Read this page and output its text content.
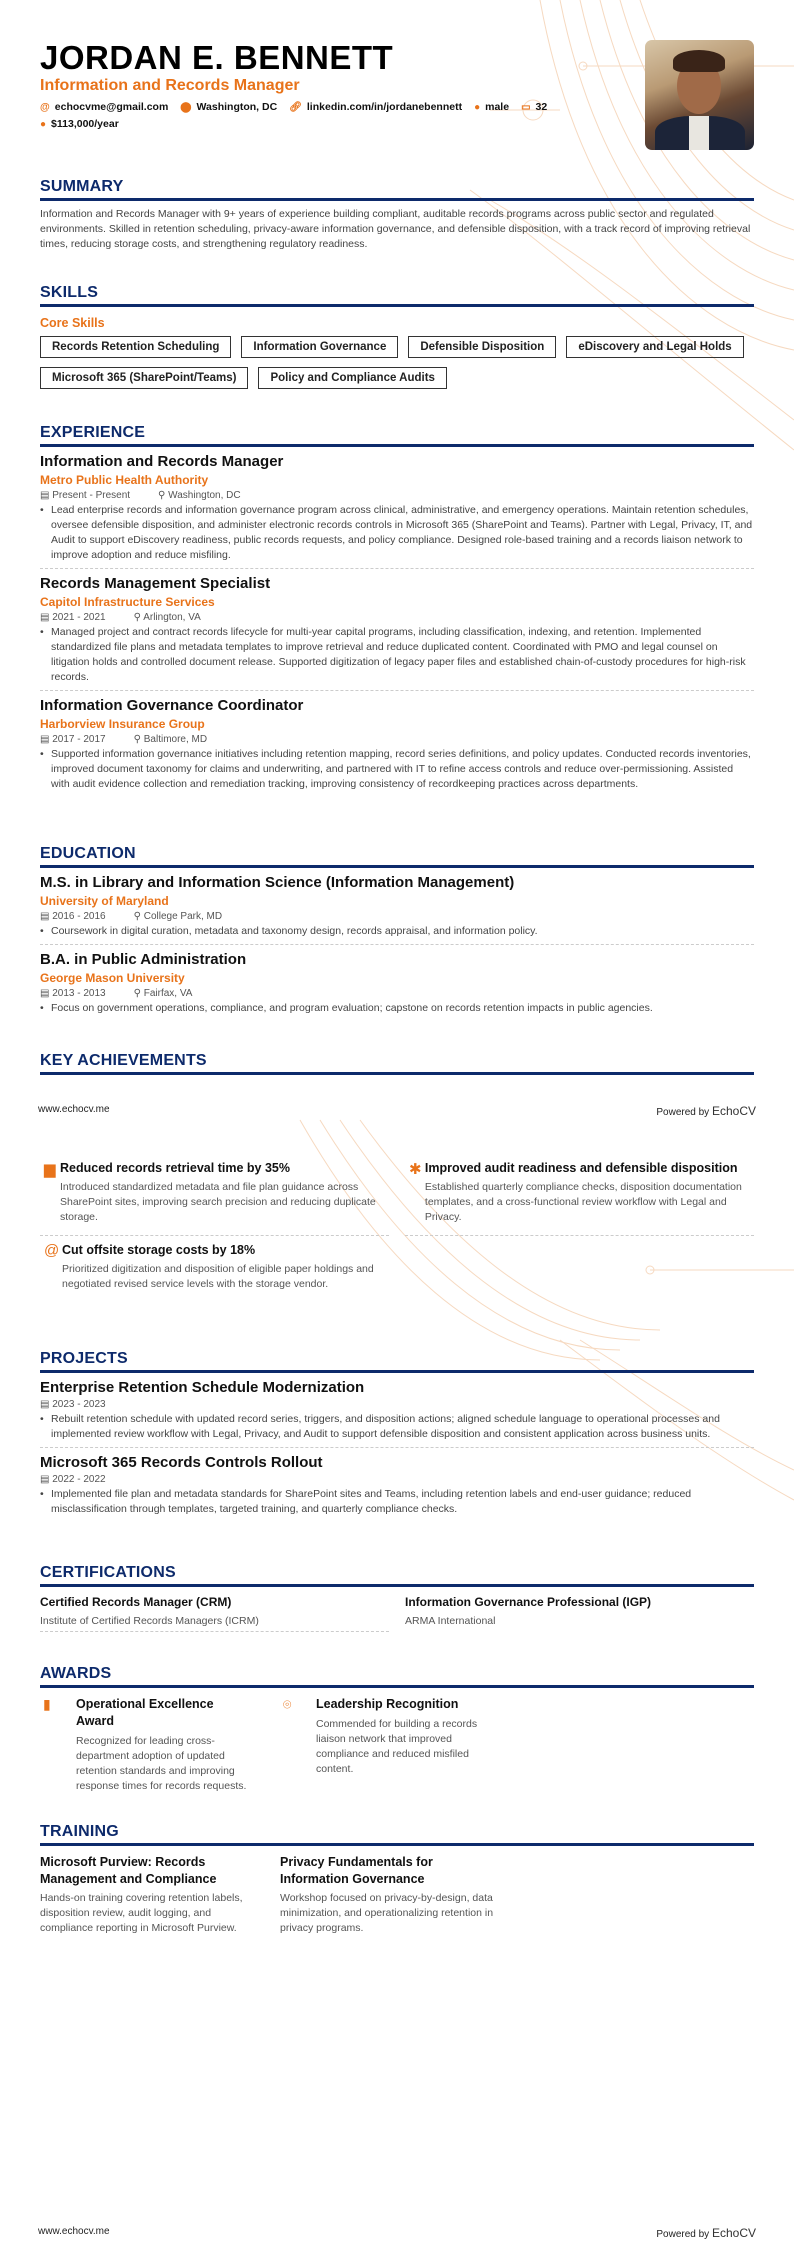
JORDAN E. BENNETT
Information and Records Manager
@ echocvme@gmail.com ⬤ Washington, DC 🔗︎ linkedin.com/in/jordanebennett ● male ▭ 32
● $113,000/year
SUMMARY
Information and Records Manager with 9+ years of experience building compliant, auditable records programs across public sector and regulated environments. Skilled in retention scheduling, privacy-aware information governance, and defensible disposition, with a track record of improving retrieval times, reducing storage costs, and strengthening regulatory readiness.
SKILLS
Core Skills
Records Retention Scheduling	Information Governance	Defensible Disposition	eDiscovery and Legal Holds
Microsoft 365 (SharePoint/Teams)	Policy and Compliance Audits
EXPERIENCE
Information and Records Manager
Metro Public Health Authority
▤ Present - Present	⚲ Washington, DC
• Lead enterprise records and information governance program across clinical, administrative, and emergency operations. Maintain retention schedules, oversee defensible disposition, and administer electronic records controls in Microsoft 365 (SharePoint and Teams). Partner with Legal, Privacy, IT, and Audit to support eDiscovery readiness, public records requests, and policy compliance. Designed role-based training and a records liaison network to improve adoption and reduce misfiling.
Records Management Specialist
Capitol Infrastructure Services
▤ 2021 - 2021	⚲ Arlington, VA
• Managed project and contract records lifecycle for multi-year capital programs, including classification, indexing, and retention. Implemented standardized file plans and metadata templates to improve retrieval and reduce duplicated content. Coordinated with PMO and legal counsel on litigation holds and controlled document release. Supported digitization of legacy paper files and established chain-of-custody procedures for high-risk records.
Information Governance Coordinator
Harborview Insurance Group
▤ 2017 - 2017	⚲ Baltimore, MD
• Supported information governance initiatives including retention mapping, record series definitions, and policy updates. Conducted records inventories, improved document taxonomy for claims and underwriting, and partnered with IT to refine access controls and reduce over-permissioning. Assisted with audit evidence collection and remediation tracking, improving consistency of recordkeeping practices across departments.
EDUCATION
M.S. in Library and Information Science (Information Management)
University of Maryland
▤ 2016 - 2016	⚲ College Park, MD
• Coursework in digital curation, metadata and taxonomy design, records appraisal, and information policy.
B.A. in Public Administration
George Mason University
▤ 2013 - 2013	⚲ Fairfax, VA
• Focus on government operations, compliance, and program evaluation; capstone on records retention impacts in public agencies.
KEY ACHIEVEMENTS
www.echocv.me	Powered by EchoCV
▆ Reduced records retrieval time by 35%
Introduced standardized metadata and file plan guidance across SharePoint sites, improving search precision and reducing duplicate storage.
✱ Improved audit readiness and defensible disposition
Established quarterly compliance checks, disposition documentation templates, and a cross-functional review workflow with Legal and Privacy.
@ Cut offsite storage costs by 18%
Prioritized digitization and disposition of eligible paper holdings and negotiated revised service levels with the storage vendor.
PROJECTS
Enterprise Retention Schedule Modernization
▤ 2023 - 2023
• Rebuilt retention schedule with updated record series, triggers, and disposition actions; aligned schedule language to operational processes and implemented review workflow with Legal, Privacy, and Audit to support defensible disposition and consistent application across business units.
Microsoft 365 Records Controls Rollout
▤ 2022 - 2022
• Implemented file plan and metadata standards for SharePoint sites and Teams, including retention labels and end-user guidance; reduced misclassification through templates, targeted training, and quarterly compliance checks.
CERTIFICATIONS
Certified Records Manager (CRM)
Institute of Certified Records Managers (ICRM)
Information Governance Professional (IGP)
ARMA International
AWARDS
▮	Operational Excellence Award
Recognized for leading cross-department adoption of updated retention standards and improving response times for records requests.
⌾	Leadership Recognition
Commended for building a records liaison network that improved compliance and reduced misfiled content.
TRAINING
Microsoft Purview: Records Management and Compliance
Hands-on training covering retention labels, disposition review, audit logging, and compliance reporting in Microsoft Purview.
Privacy Fundamentals for Information Governance
Workshop focused on privacy-by-design, data minimization, and operationalizing retention in privacy programs.
www.echocv.me	Powered by EchoCV
